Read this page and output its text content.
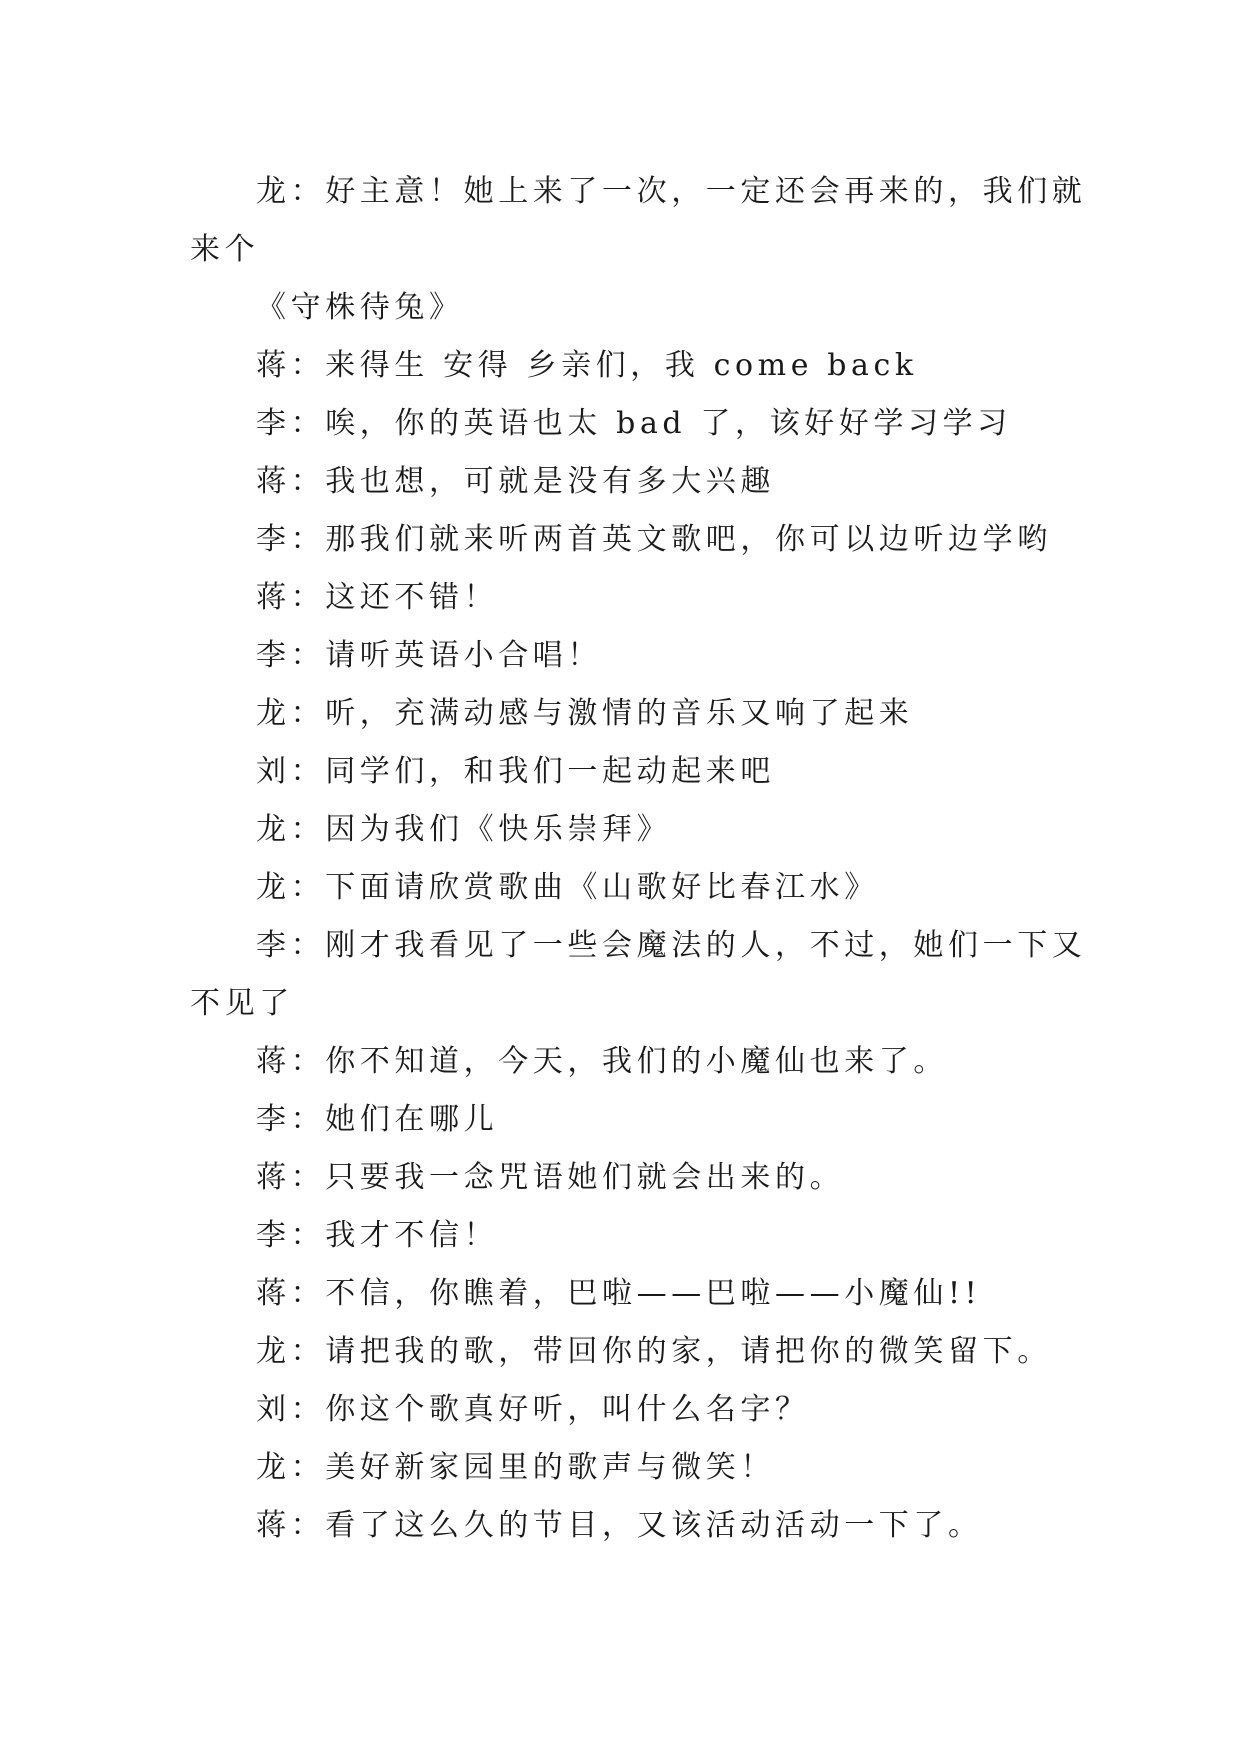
龙：好主意！她上来了一次，一定还会再来的，我们就
来个
《守株待兔》
蒋：来得生 安得 乡亲们，我 come back
李：唉，你的英语也太 bad 了，该好好学习学习
蒋：我也想，可就是没有多大兴趣
李：那我们就来听两首英文歌吧，你可以边听边学哟
蒋：这还不错！
李：请听英语小合唱！
龙：听，充满动感与激情的音乐又响了起来
刘：同学们，和我们一起动起来吧
龙：因为我们《快乐崇拜》
龙：下面请欣赏歌曲《山歌好比春江水》
李：刚才我看见了一些会魔法的人，不过，她们一下又
不见了
蒋：你不知道，今天，我们的小魔仙也来了。
李：她们在哪儿
蒋：只要我一念咒语她们就会出来的。
李：我才不信！
蒋：不信，你瞧着，巴啦——巴啦——小魔仙!!
龙：请把我的歌，带回你的家，请把你的微笑留下。
刘：你这个歌真好听，叫什么名字？
龙：美好新家园里的歌声与微笑！
蒋：看了这么久的节目，又该活动活动一下了。
